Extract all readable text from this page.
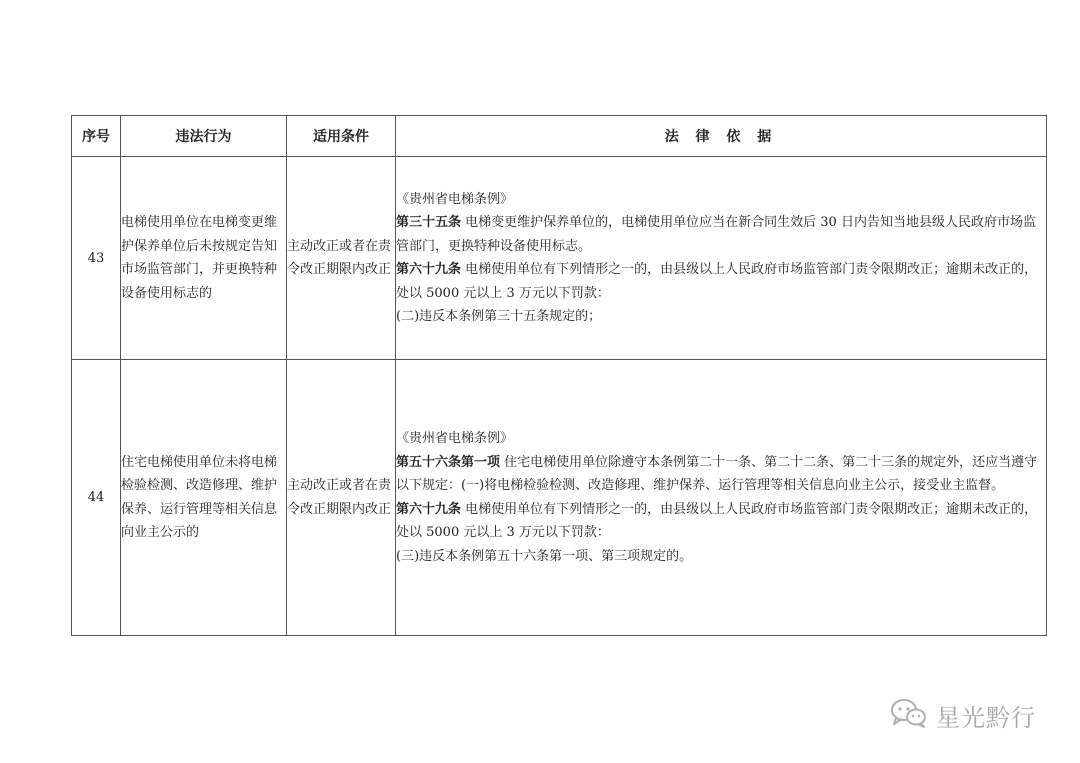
序号	违法行为	适用条件	法 律 依 据
43	电梯使用单位在电梯变更维护保养单位后未按规定告知市场监管部门，并更换特种设备使用标志的	主动改正或者在责令改正期限内改正	《贵州省电梯条例》

第三十五条 电梯变更维护保养单位的，电梯使用单位应当在新合同生效后 30 日内告知当地县级人民政府市场监管部门，更换特种设备使用标志。

第六十九条 电梯使用单位有下列情形之一的，由县级以上人民政府市场监管部门责令限期改正；逾期未改正的，处以 5000 元以上 3 万元以下罚款：

(二)违反本条例第三十五条规定的；

44	住宅电梯使用单位未将电梯检验检测、改造修理、维护保养、运行管理等相关信息向业主公示的	主动改正或者在责令改正期限内改正	《贵州省电梯条例》

第五十六条第一项 住宅电梯使用单位除遵守本条例第二十一条、第二十二条、第二十三条的规定外，还应当遵守以下规定：(一)将电梯检验检测、改造修理、维护保养、运行管理等相关信息向业主公示，接受业主监督。

第六十九条 电梯使用单位有下列情形之一的，由县级以上人民政府市场监管部门责令限期改正；逾期未改正的，处以 5000 元以上 3 万元以下罚款：

(三)违反本条例第五十六条第一项、第三项规定的。

星光黔行
